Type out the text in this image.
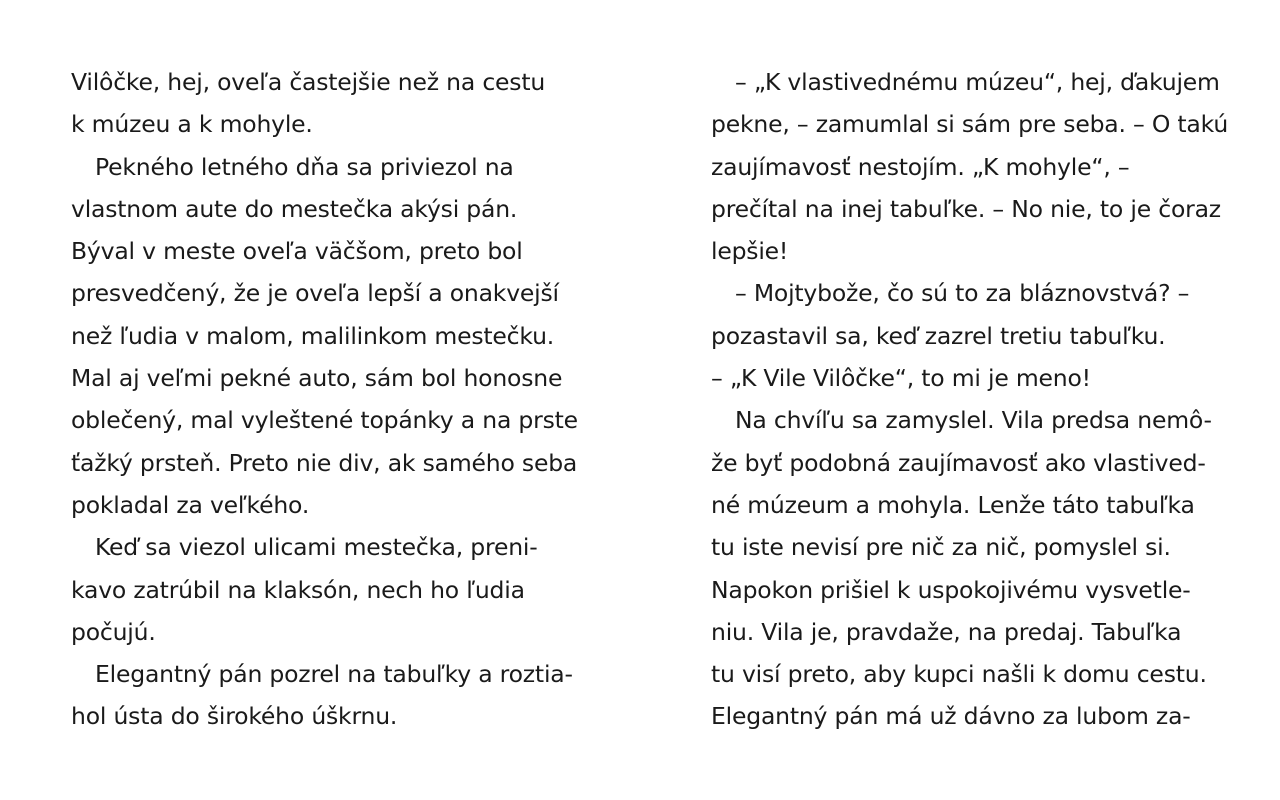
Vilôčke, hej, oveľa častejšie než na cestu
k múzeu a k mohyle.
Pekného letného dňa sa priviezol na
vlastnom aute do mestečka akýsi pán.
Býval v meste oveľa väčšom, preto bol
presvedčený, že je oveľa lepší a onakvejší
než ľudia v malom, malilinkom mestečku.
Mal aj veľmi pekné auto, sám bol honosne
oblečený, mal vyleštené topánky a na prste
ťažký prsteň. Preto nie div, ak samého seba
pokladal za veľkého.
Keď sa viezol ulicami mestečka, preni-
kavo zatrúbil na klaksón, nech ho ľudia
počujú.
Elegantný pán pozrel na tabuľky a roztia-
hol ústa do širokého úškrnu.
– „K vlastivednému múzeu“, hej, ďakujem
pekne, – zamumlal si sám pre seba. – O takú
zaujímavosť nestojím. „K mohyle“, –
prečítal na inej tabuľke. – No nie, to je čoraz
lepšie!
– Mojtybože, čo sú to za bláznovstvá? –
pozastavil sa, keď zazrel tretiu tabuľku.
– „K Vile Vilôčke“, to mi je meno!
Na chvíľu sa zamyslel. Vila predsa nemô-
že byť podobná zaujímavosť ako vlastived-
né múzeum a mohyla. Lenže táto tabuľka
tu iste nevisí pre nič za nič, pomyslel si.
Napokon prišiel k uspokojivému vysvetle-
niu. Vila je, pravdaže, na predaj. Tabuľka
tu visí preto, aby kupci našli k domu cestu.
Elegantný pán má už dávno za lubom za-
